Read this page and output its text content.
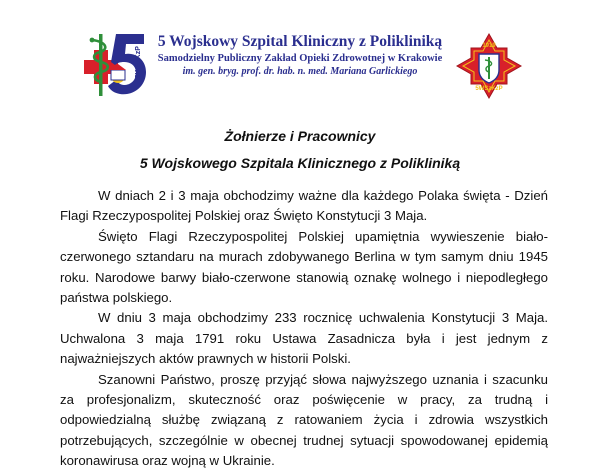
5WSzKzP
5 Wojskowy Szpital Kliniczny z Polikliniką
Samodzielny Publiczny Zakład Opieki Zdrowotnej w Krakowie
im. gen. bryg. prof. dr. hab. n. med. Mariana Garlickiego
1919
5WSzKzP
Żołnierze i Pracownicy
5 Wojskowego Szpitala Klinicznego z Polikliniką

W dniach 2 i 3 maja obchodzimy ważne dla każdego Polaka święta - Dzień Flagi Rzeczypospolitej Polskiej oraz Święto Konstytucji 3 Maja.

Święto Flagi Rzeczypospolitej Polskiej upamiętnia wywieszenie biało-czerwonego sztandaru na murach zdobywanego Berlina w tym samym dniu 1945 roku. Narodowe barwy biało-czerwone stanowią oznakę wolnego i niepodległego państwa polskiego.

W dniu 3 maja obchodzimy 233 rocznicę uchwalenia Konstytucji 3 Maja. Uchwalona 3 maja 1791 roku Ustawa Zasadnicza była i jest jednym z najważniejszych aktów prawnych w historii Polski.

Szanowni Państwo, proszę przyjąć słowa najwyższego uznania i szacunku za profesjonalizm, skuteczność oraz poświęcenie w pracy, za trudną i odpowiedzialną służbę związaną z ratowaniem życia i zdrowia wszystkich potrzebujących, szczególnie w obecnej trudnej sytuacji spowodowanej epidemią koronawirusa oraz wojną w Ukrainie.
